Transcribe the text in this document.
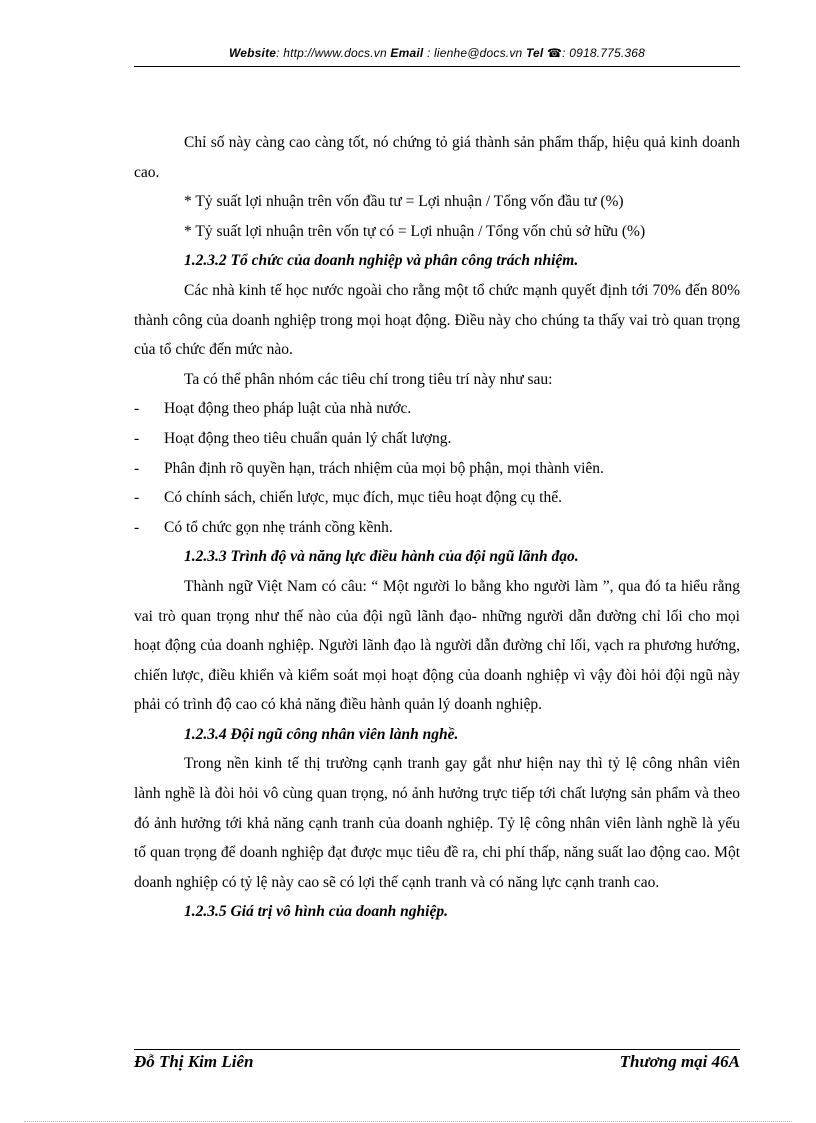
Website: http://www.docs.vn Email : lienhe@docs.vn Tel ☎: 0918.775.368

Chỉ số này càng cao càng tốt, nó chứng tỏ giá thành sản phẩm thấp, hiệu quả kinh doanh cao.

* Tỷ suất lợi nhuận trên vốn đầu tư = Lợi nhuận / Tổng vốn đầu tư (%)

* Tỷ suất lợi nhuận trên vốn tự có = Lợi nhuận / Tổng vốn chủ sở hữu (%)

1.2.3.2 Tổ chức của doanh nghiệp và phân công trách nhiệm.

Các nhà kinh tế học nước ngoài cho rằng một tổ chức mạnh quyết định tới 70% đến 80% thành công của doanh nghiệp trong mọi hoạt động. Điều này cho chúng ta thấy vai trò quan trọng của tổ chức đến mức nào.

Ta có thể phân nhóm các tiêu chí trong tiêu trí này như sau:

-	Hoạt động theo pháp luật của nhà nước.
-	Hoạt động theo tiêu chuẩn quản lý chất lượng.
-	Phân định rõ quyền hạn, trách nhiệm của mọi bộ phận, mọi thành viên.
-	Có chính sách, chiến lược, mục đích, mục tiêu hoạt động cụ thể.
-	Có tổ chức gọn nhẹ tránh cồng kềnh.

1.2.3.3 Trình độ và năng lực điều hành của đội ngũ lãnh đạo.

Thành ngữ Việt Nam có câu: “ Một người lo bằng kho người làm ”, qua đó ta hiểu rằng vai trò quan trọng như thế nào của đội ngũ lãnh đạo- những người dẫn đường chỉ lối cho mọi hoạt động của doanh nghiệp. Người lãnh đạo là người dẫn đường chỉ lối, vạch ra phương hướng, chiến lược, điều khiển và kiểm soát mọi hoạt động của doanh nghiệp vì vậy đòi hỏi đội ngũ này phải có trình độ cao có khả năng điều hành quản lý doanh nghiệp.

1.2.3.4 Đội ngũ công nhân viên lành nghề.

Trong nền kinh tế thị trường cạnh tranh gay gắt như hiện nay thì tỷ lệ công nhân viên lành nghề là đòi hỏi vô cùng quan trọng, nó ảnh hưởng trực tiếp tới chất lượng sản phẩm và theo đó ảnh hưởng tới khả năng cạnh tranh của doanh nghiệp. Tỷ lệ công nhân viên lành nghề là yếu tố quan trọng để doanh nghiệp đạt được mục tiêu đề ra, chi phí thấp, năng suất lao động cao. Một doanh nghiệp có tỷ lệ này cao sẽ có lợi thế cạnh tranh và có năng lực cạnh tranh cao.

1.2.3.5 Giá trị vô hình của doanh nghiệp.

Đỗ Thị Kim Liên	Thương mại 46A
